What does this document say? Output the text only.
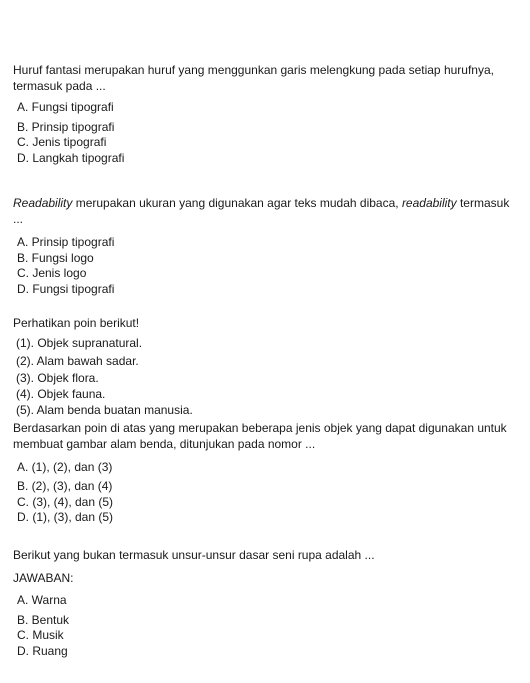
Huruf fantasi merupakan huruf yang menggunkan garis melengkung pada setiap hurufnya, termasuk pada ...
A. Fungsi tipografi
B. Prinsip tipografi
C. Jenis tipografi
D. Langkah tipografi
Readability merupakan ukuran yang digunakan agar teks mudah dibaca, readability termasuk ...
A. Prinsip tipografi
B. Fungsi logo
C. Jenis logo
D. Fungsi tipografi
Perhatikan poin berikut!
(1). Objek supranatural.
(2). Alam bawah sadar.
(3). Objek flora.
(4). Objek fauna.
(5). Alam benda buatan manusia.
Berdasarkan poin di atas yang merupakan beberapa jenis objek yang dapat digunakan untuk membuat gambar alam benda, ditunjukan pada nomor ...
A. (1), (2), dan (3)
B. (2), (3), dan (4)
C. (3), (4), dan (5)
D. (1), (3), dan (5)
Berikut yang bukan termasuk unsur-unsur dasar seni rupa adalah ...
JAWABAN:
A. Warna
B. Bentuk
C. Musik
D. Ruang
